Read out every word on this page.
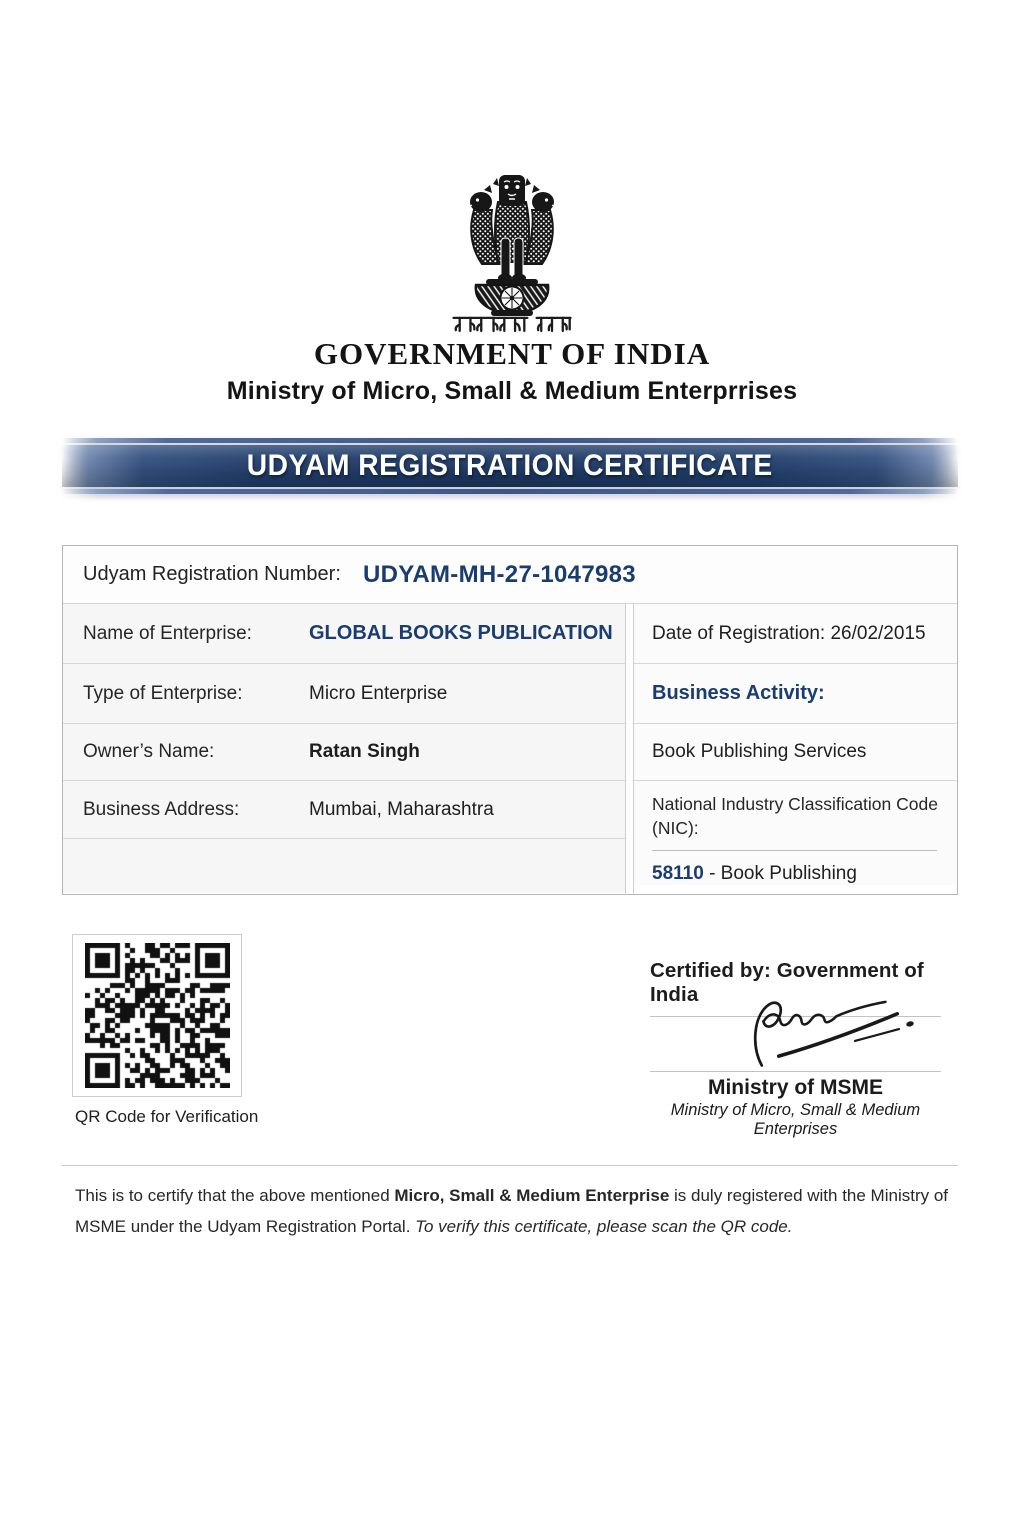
GOVERNMENT OF INDIA
Ministry of Micro, Small & Medium Enterprrises
UDYAM REGISTRATION CERTIFICATE
Udyam Registration Number: UDYAM-MH-27-1047983
Name of Enterprise:	GLOBAL BOOKS PUBLICATION
Type of Enterprise:	Micro Enterprise
Owner’s Name:	Ratan Singh
Business Address:	Mumbai, Maharashtra
Date of Registration:
26/02/2015
Business Activity:
Book Publishing Services
National Industry Classification Code (NIC):
58110 - Book Publishing
QR Code for Verification
Certified by: Government of India
Ministry of MSME
Ministry of Micro, Small & Medium Enterprises

This is to certify that the above mentioned Micro, Small & Medium Enterprise is duly registered with the Ministry of MSME under the Udyam Registration Portal. To verify this certificate, please scan the QR code.
